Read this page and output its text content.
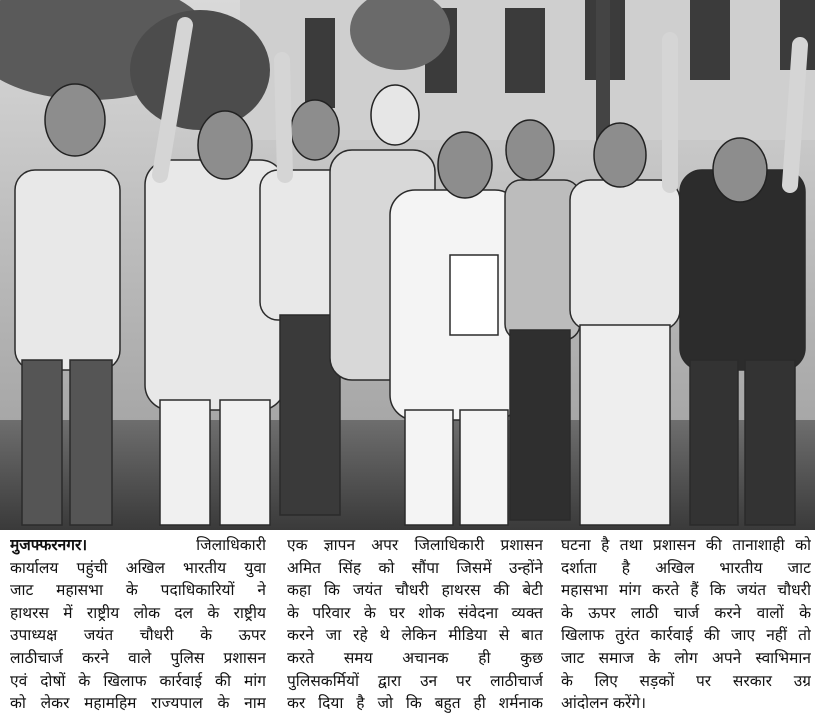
मुजफ्फरनगर।	जिलाधिकारी
कार्यालय पहुंची अखिल भारतीय युवा
जाट महासभा के पदाधिकारियों ने
हाथरस में राष्ट्रीय लोक दल के राष्ट्रीय
उपाध्यक्ष जयंत चौधरी के ऊपर
लाठीचार्ज करने वाले पुलिस प्रशासन
एवं दोषों के खिलाफ कार्रवाई की मांग
को लेकर महामहिम राज्यपाल के नाम
एक ज्ञापन अपर जिलाधिकारी प्रशासन
अमित सिंह को सौंपा जिसमें उन्होंने
कहा कि जयंत चौधरी हाथरस की बेटी
के परिवार के घर शोक संवेदना व्यक्त
करने जा रहे थे लेकिन मीडिया से बात
करते समय अचानक ही कुछ
पुलिसकर्मियों द्वारा उन पर लाठीचार्ज
कर दिया है जो कि बहुत ही शर्मनाक
घटना है तथा प्रशासन की तानाशाही को
दर्शाता है अखिल भारतीय जाट
महासभा मांग करते हैं कि जयंत चौधरी
के ऊपर लाठी चार्ज करने वालों के
खिलाफ तुरंत कार्रवाई की जाए नहीं तो
जाट समाज के लोग अपने स्वाभिमान
के लिए सड़कों पर सरकार उग्र
आंदोलन करेंगे।
